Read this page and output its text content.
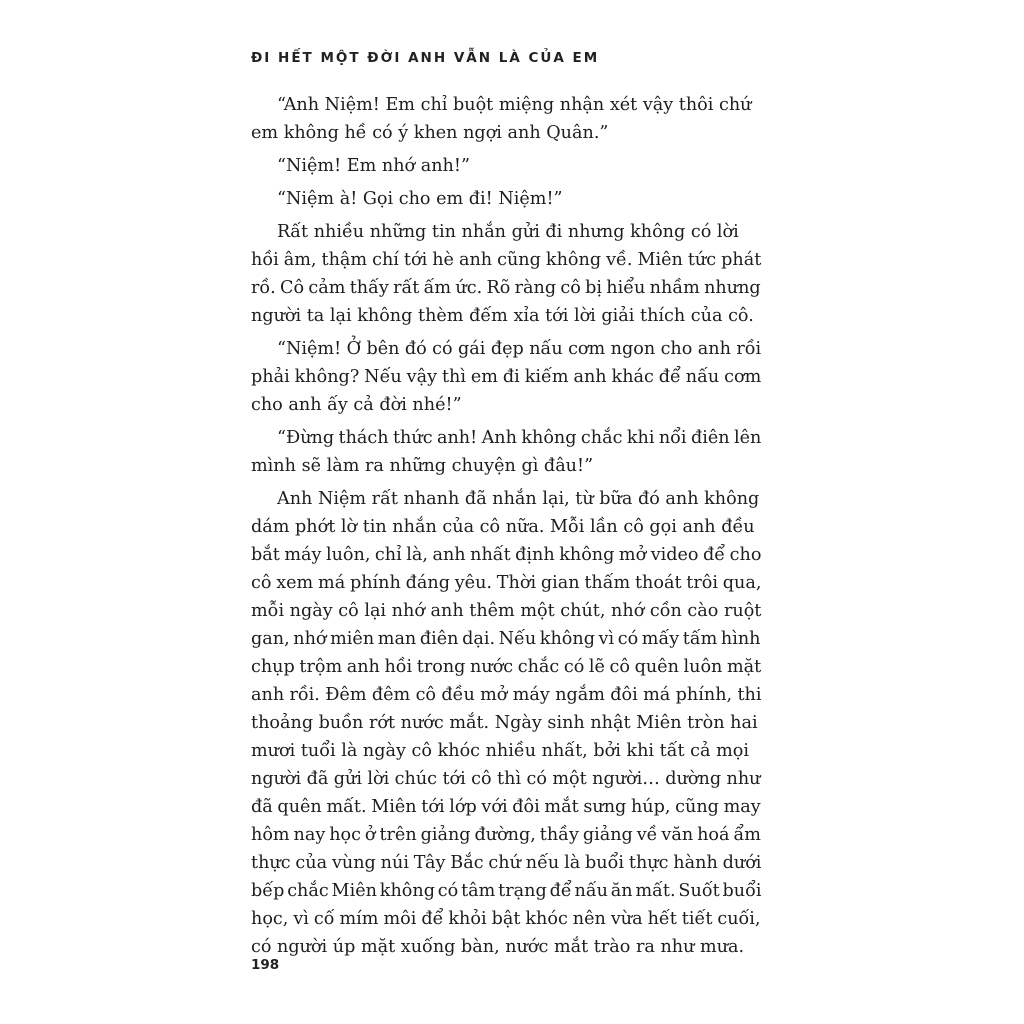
ĐI HẾT MỘT ĐỜI ANH VẪN LÀ CỦA EM
“Anh Niệm! Em chỉ buột miệng nhận xét vậy thôi chứ
em không hề có ý khen ngợi anh Quân.”
“Niệm! Em nhớ anh!”
“Niệm à! Gọi cho em đi! Niệm!”
Rất nhiều những tin nhắn gửi đi nhưng không có lời
hồi âm, thậm chí tới hè anh cũng không về. Miên tức phát
rồ. Cô cảm thấy rất ấm ức. Rõ ràng cô bị hiểu nhầm nhưng
người ta lại không thèm đếm xỉa tới lời giải thích của cô.
“Niệm! Ở bên đó có gái đẹp nấu cơm ngon cho anh rồi
phải không? Nếu vậy thì em đi kiếm anh khác để nấu cơm
cho anh ấy cả đời nhé!”
“Đừng thách thức anh! Anh không chắc khi nổi điên lên
mình sẽ làm ra những chuyện gì đâu!”
Anh Niệm rất nhanh đã nhắn lại, từ bữa đó anh không
dám phớt lờ tin nhắn của cô nữa. Mỗi lần cô gọi anh đều
bắt máy luôn, chỉ là, anh nhất định không mở video để cho
cô xem má phính đáng yêu. Thời gian thấm thoát trôi qua,
mỗi ngày cô lại nhớ anh thêm một chút, nhớ cồn cào ruột
gan, nhớ miên man điên dại. Nếu không vì có mấy tấm hình
chụp trộm anh hồi trong nước chắc có lẽ cô quên luôn mặt
anh rồi. Đêm đêm cô đều mở máy ngắm đôi má phính, thi
thoảng buồn rớt nước mắt. Ngày sinh nhật Miên tròn hai
mươi tuổi là ngày cô khóc nhiều nhất, bởi khi tất cả mọi
người đã gửi lời chúc tới cô thì có một người… dường như
đã quên mất. Miên tới lớp với đôi mắt sưng húp, cũng may
hôm nay học ở trên giảng đường, thầy giảng về văn hoá ẩm
thực của vùng núi Tây Bắc chứ nếu là buổi thực hành dưới
bếp chắc Miên không có tâm trạng để nấu ăn mất. Suốt buổi
học, vì cố mím môi để khỏi bật khóc nên vừa hết tiết cuối,
có người úp mặt xuống bàn, nước mắt trào ra như mưa.
198
